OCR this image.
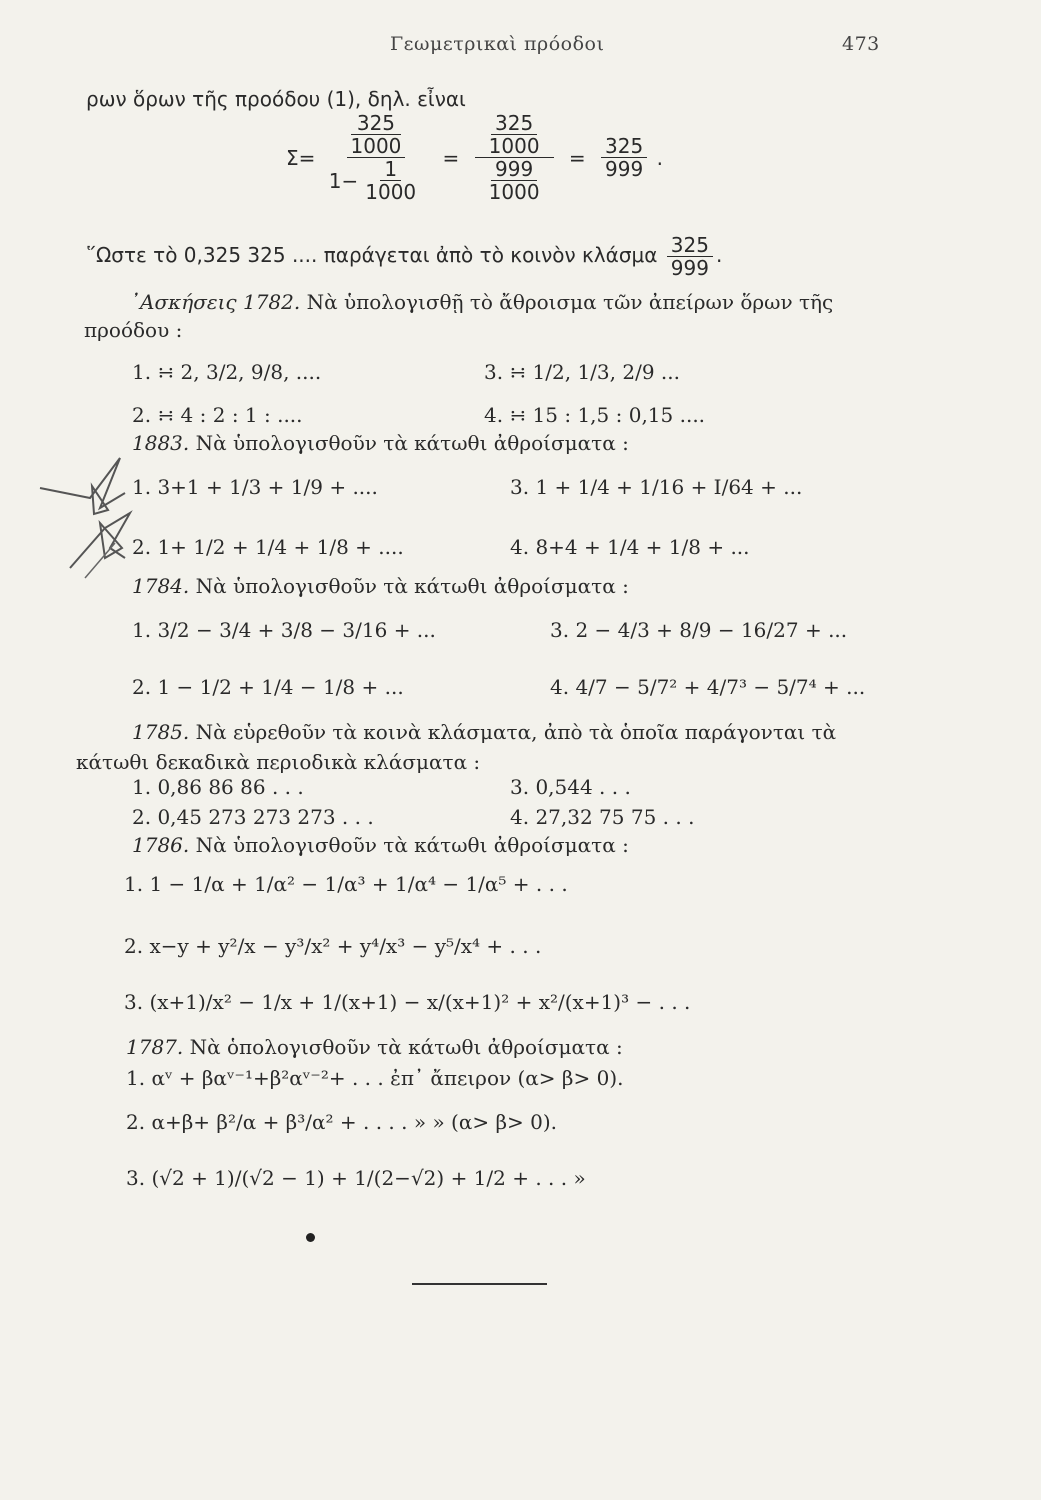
Γεωμετρικαὶ πρόοδοι	473
ρων ὅρων τῆς προόδου (1), δηλ. εἶναι
Σ= 325
1000
$1- \frac{1}{1000} = 325$
1000
999
$1000 = \frac{325}{999}$ .
῞Ωστε τὸ 0,325 325 .... παράγεται ἀπὸ τὸ κοινὸν κλάσμα $\frac{325}{999}$ .
᾿Ασκήσεις 1782. Νὰ ὑπολογισθῇ τὸ ἄθροισμα τῶν ἀπείρων ὅρων τῆς
προόδου :
1. ∺ 2, 3/2, 9/8, ....	3. ∺ 1/2, 1/3, 2/9 ...
2. ∺ 4 : 2 : 1 : ....	4. ∺ 15 : 1,5 : 0,15 ....
1883. Νὰ ὑπολογισθοῦν τὰ κάτωθι ἀθροίσματα :
1. 3+1 + 1/3 + 1/9 + ....	3. 1 + 1/4 + 1/16 + I/64 + ...
2. 1+ 1/2 + 1/4 + 1/8 + ....	4. 8+4 + 1/4 + 1/8 + ...
1784. Νὰ ὑπολογισθοῦν τὰ κάτωθι ἀθροίσματα :
1. 3/2 − 3/4 + 3/8 − 3/16 + ...	3. 2 − 4/3 + 8/9 − 16/27 + ...
2. 1 − 1/2 + 1/4 − 1/8 + ...	4. 4/7 − 5/7² + 4/7³ − 5/7⁴ + ...
1785. Νὰ εὑρεθοῦν τὰ κοινὰ κλάσματα, ἀπὸ τὰ ὁποῖα παράγονται τὰ
κάτωθι δεκαδικὰ περιοδικὰ κλάσματα :
1. 0,86 86 86 . . .	3. 0,544 . . .
2. 0,45 273 273 273 . . .	4. 27,32 75 75 . . .
1786. Νὰ ὑπολογισθοῦν τὰ κάτωθι ἀθροίσματα :
1. 1 − 1/α + 1/α² − 1/α³ + 1/α⁴ − 1/α⁵ + . . .
2. x−y + y²/x − y³/x² + y⁴/x³ − y⁵/x⁴ + . . .
3. (x+1)/x² − 1/x + 1/(x+1) − x/(x+1)² + x²/(x+1)³ − . . .
1787. Νὰ ὁπολογισθοῦν τὰ κάτωθι ἀθροίσματα :
1. αᵛ + βαᵛ⁻¹+β²αᵛ⁻²+ . . . ἐπ᾿ ἄπειρον (α> β> 0).
2. α+β+ β²/α + β³/α² + . . . . » » (α> β> 0).
3. (√2 + 1)/(√2 − 1) + 1/(2−√2) + 1/2 + . . . »
